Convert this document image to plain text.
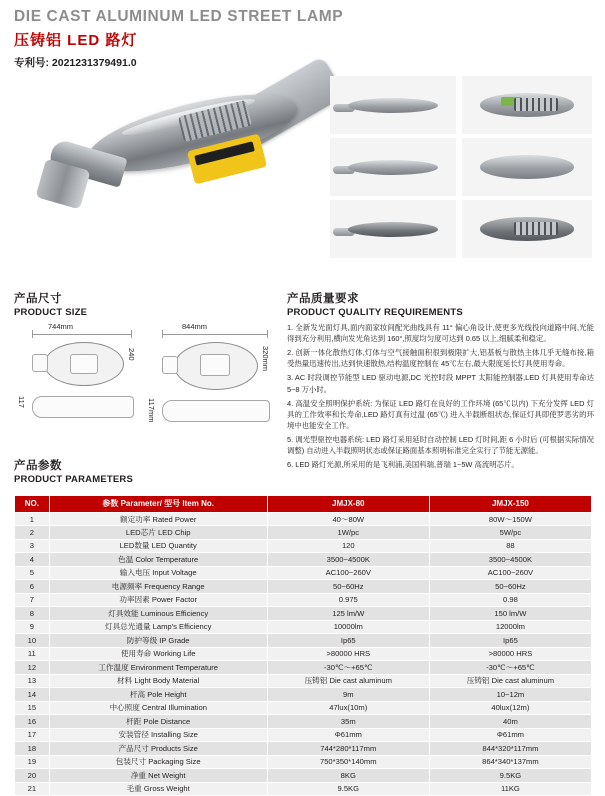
DIE CAST ALUMINUM LED STREET LAMP
压铸铝 LED 路灯
专利号: 2021231379491.0
产品尺寸
PRODUCT SIZE
744mm
240
117
844mm
320mm
117mm
产品质量要求
PRODUCT QUALITY REQUIREMENTS

1. 全新发光面灯具,面内面家妆间配光曲线具有 11° 偏心角设计,使更多光线投向道路中间,光能得到充分利用,横向发光角达到 160°,照度均匀度可达到 0.65 以上,细腻柔和稳定。

2. 创新一体化散热灯体,灯体与空气接触面积很到极限扩大,铝基板与散热主体几乎无缝布接,箱受热量迅速传出,达到快速散热,结构温度控制在 45℃左右,最大限度延长灯具使用寿命。

3. AC 时段调控节能型 LED 驱动电源,DC 光控时段 MPPT 太阳能控制器,LED 灯具使用寿命达 5~8 万小时。

4. 高温安全照明保护系统: 为保证 LED 路灯在良好的工作环境 (65℃以内) 下充分发挥 LED 灯具的工作效率和长寿命,LED 路灯真有过温 (65℃) 进入半载断组状态,保证灯具即使罗恶劣的环境中也能安全工作。

5. 调光型驱控电器系统: LED 路灯采用延时自动控制 LED 灯时间,距 6 小时后 (可根据实际情况调整) 自动进入半载照明状态或保证路面基本照明标准完全实行了节能无源能。

6. LED 路灯光源,所采用的是飞利浦,美国科瑞,普瑞 1~5W 高流明芯片。

产品参数
PRODUCT PARAMETERS
NO.	参数 Parameter/ 型号 Item No.	JMJX-80	JMJX-150
1	额定功率 Rated Power	40～80W	80W～150W
2	LED芯片 LED Chip	1W/pc	5W/pc
3	LED数量 LED Quantity	120	88
4	色温 Color Temperature	3500~4500K	3500~4500K
5	输入电压 Input Voltage	AC100~260V	AC100~260V
6	电源频率 Frequency Range	50~60Hz	50~60Hz
7	功率因素 Power Factor	0.975	0.98
8	灯具效能 Luminous Efficiency	125 lm/W	150 lm/W
9	灯具总光通量 Lamp's Efficiency	10000lm	12000lm
10	防护等级 IP Grade	Ip65	Ip65
11	使用寿命 Working Life	>80000 HRS	>80000 HRS
12	工作温度 Environment Temperature	-30℃～+65℃	-30℃～+65℃
13	材料 Light Body Material	压铸铝 Die cast aluminum	压铸铝 Die cast aluminum
14	杆高 Pole Height	9m	10~12m
15	中心照度 Central Illumination	47lux(10m)	40lux(12m)
16	杆距 Pole Distance	35m	40m
17	安装管径 Installing Size	Φ61mm	Φ61mm
18	产品尺寸 Products Size	744*280*117mm	844*320*117mm
19	包装尺寸 Packaging Size	750*350*140mm	864*340*137mm
20	净重 Net Weight	8KG	9.5KG
21	毛重 Gross Weight	9.5KG	11KG
